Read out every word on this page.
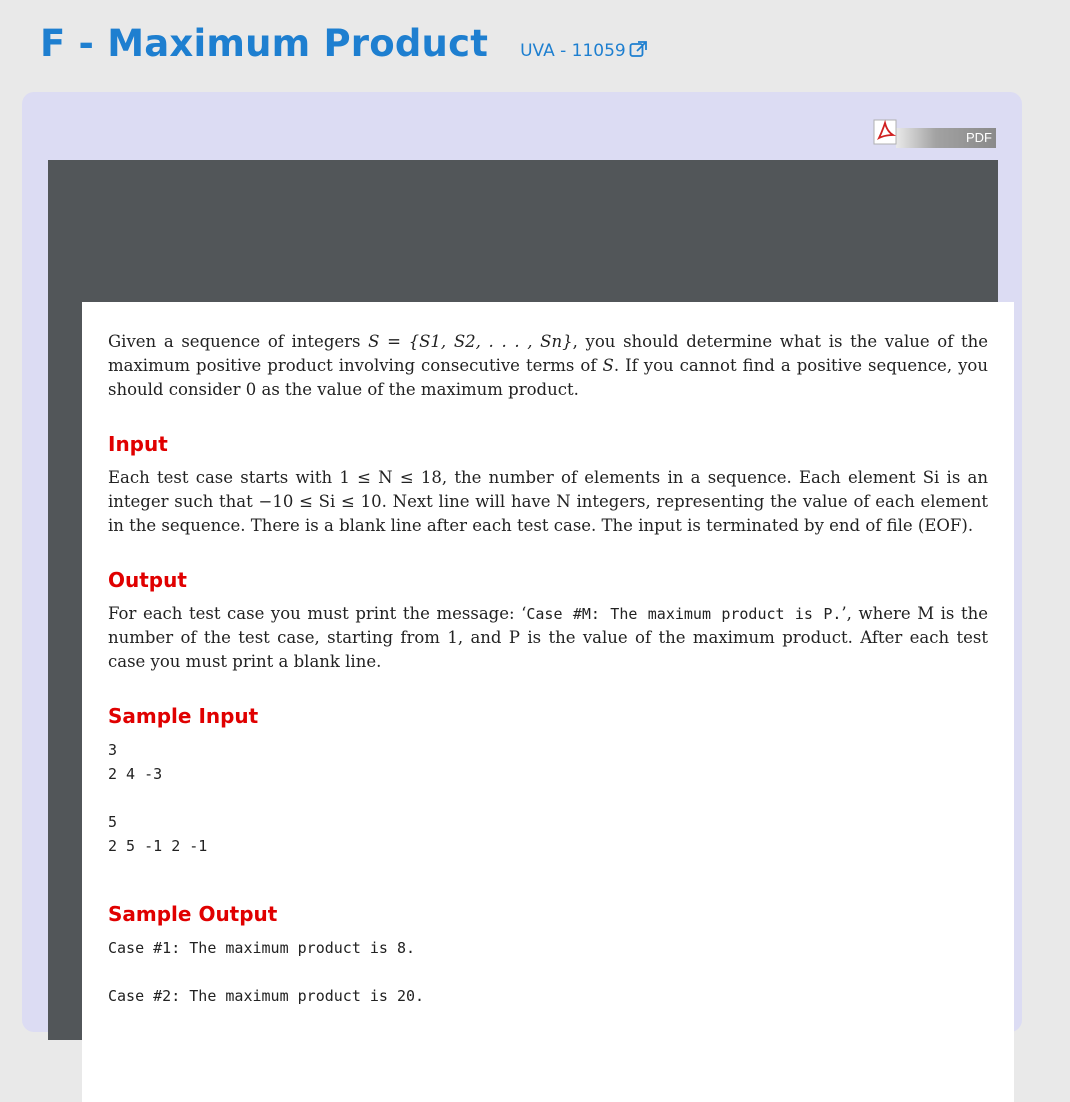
F - Maximum Product UVA - 11059
PDF

Given a sequence of integers S = {S1, S2, . . . , Sn}, you should determine what is the value of the maximum positive product involving consecutive terms of S. If you cannot find a positive sequence, you should consider 0 as the value of the maximum product.

Input

Each test case starts with 1 ≤ N ≤ 18, the number of elements in a sequence. Each element Si is an integer such that −10 ≤ Si ≤ 10. Next line will have N integers, representing the value of each element in the sequence. There is a blank line after each test case. The input is terminated by end of file (EOF).

Output

For each test case you must print the message: ‘Case #M: The maximum product is P.’, where M is the number of the test case, starting from 1, and P is the value of the maximum product. After each test case you must print a blank line.

Sample Input
3
2 4 -3

5
2 5 -1 2 -1
Sample Output
Case #1: The maximum product is 8.

Case #2: The maximum product is 20.
